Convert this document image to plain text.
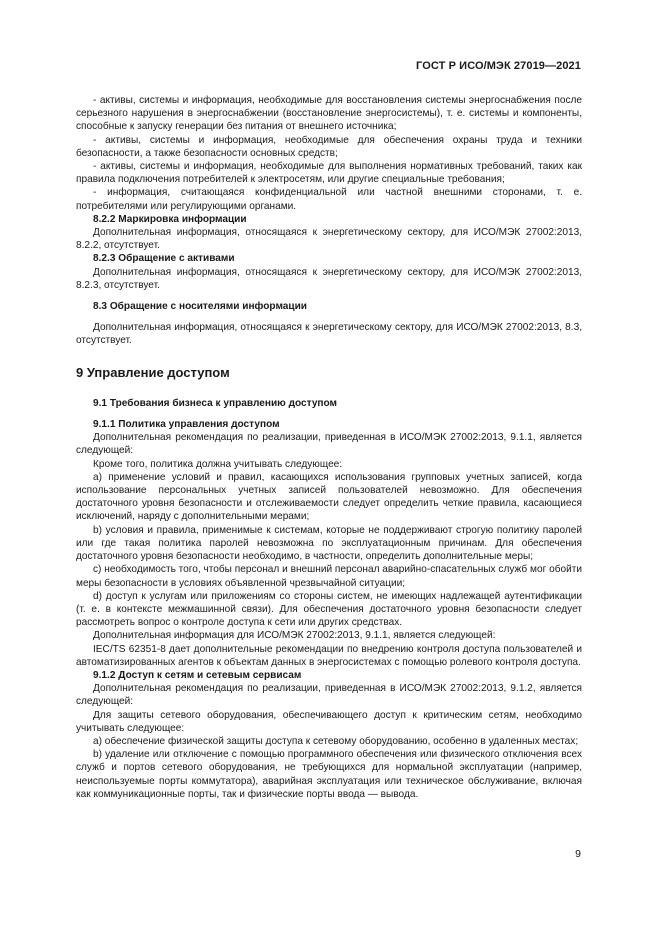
ГОСТ Р ИСО/МЭК 27019—2021

- активы, системы и информация, необходимые для восстановления системы энергоснабжения после серьезного нарушения в энергоснабжении (восстановление энергосистемы), т. е. системы и компоненты, способные к запуску генерации без питания от внешнего источника;

- активы, системы и информация, необходимые для обеспечения охраны труда и техники безопасности, а также безопасности основных средств;

- активы, системы и информация, необходимые для выполнения нормативных требований, таких как правила подключения потребителей к электросетям, или другие специальные требования;

- информация, считающаяся конфиденциальной или частной внешними сторонами, т. е. потребителями или регулирующими органами.

8.2.2 Маркировка информации

Дополнительная информация, относящаяся к энергетическому сектору, для ИСО/МЭК 27002:2013, 8.2.2, отсутствует.

8.2.3 Обращение с активами

Дополнительная информация, относящаяся к энергетическому сектору, для ИСО/МЭК 27002:2013, 8.2.3, отсутствует.

8.3 Обращение с носителями информации

Дополнительная информация, относящаяся к энергетическому сектору, для ИСО/МЭК 27002:2013, 8.3, отсутствует.

9 Управление доступом

9.1 Требования бизнеса к управлению доступом

9.1.1 Политика управления доступом

Дополнительная рекомендация по реализации, приведенная в ИСО/МЭК 27002:2013, 9.1.1, является следующей:

Кроме того, политика должна учитывать следующее:

a) применение условий и правил, касающихся использования групповых учетных записей, когда использование персональных учетных записей пользователей невозможно. Для обеспечения достаточного уровня безопасности и отслеживаемости следует определить четкие правила, касающиеся исключений, наряду с дополнительными мерами;

b) условия и правила, применимые к системам, которые не поддерживают строгую политику паролей или где такая политика паролей невозможна по эксплуатационным причинам. Для обеспечения достаточного уровня безопасности необходимо, в частности, определить дополнительные меры;

c) необходимость того, чтобы персонал и внешний персонал аварийно-спасательных служб мог обойти меры безопасности в условиях объявленной чрезвычайной ситуации;

d) доступ к услугам или приложениям со стороны систем, не имеющих надлежащей аутентификации (т. е. в контексте межмашинной связи). Для обеспечения достаточного уровня безопасности следует рассмотреть вопрос о контроле доступа к сети или других средствах.

Дополнительная информация для ИСО/МЭК 27002:2013, 9.1.1, является следующей:

IEC/TS 62351-8 дает дополнительные рекомендации по внедрению контроля доступа пользователей и автоматизированных агентов к объектам данных в энергосистемах с помощью ролевого контроля доступа.

9.1.2 Доступ к сетям и сетевым сервисам

Дополнительная рекомендация по реализации, приведенная в ИСО/МЭК 27002:2013, 9.1.2, является следующей:

Для защиты сетевого оборудования, обеспечивающего доступ к критическим сетям, необходимо учитывать следующее:

a) обеспечение физической защиты доступа к сетевому оборудованию, особенно в удаленных местах;

b) удаление или отключение с помощью программного обеспечения или физического отключения всех служб и портов сетевого оборудования, не требующихся для нормальной эксплуатации (например, неиспользуемые порты коммутатора), аварийная эксплуатация или техническое обслуживание, включая как коммуникационные порты, так и физические порты ввода — вывода.

9
